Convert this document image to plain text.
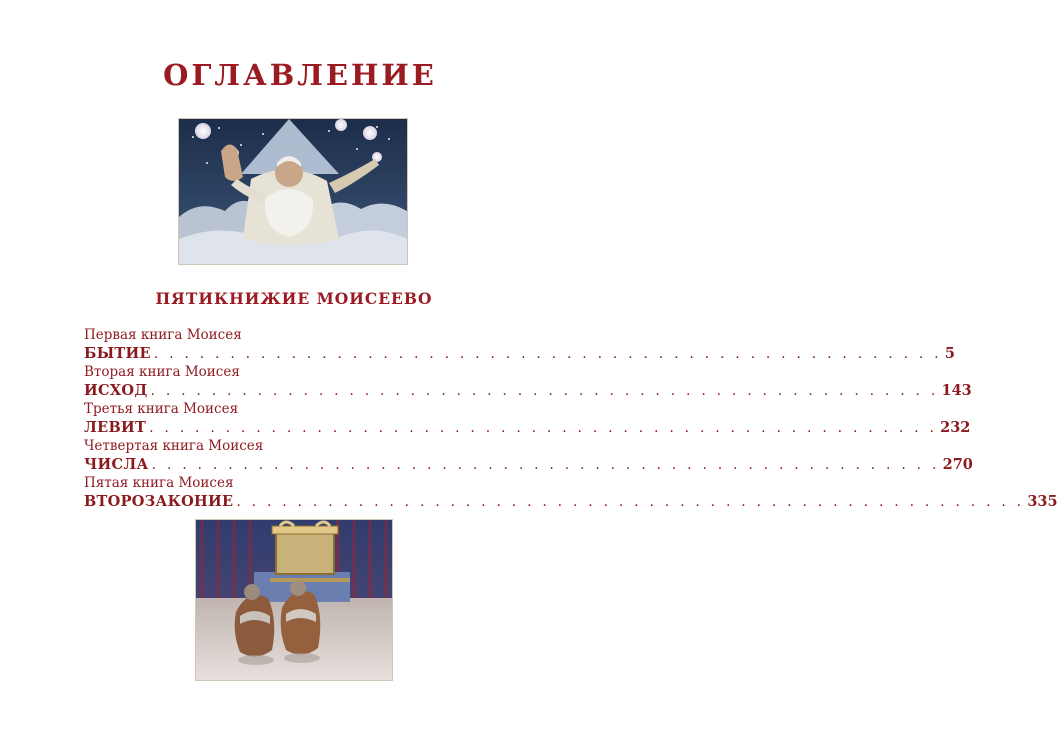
ОГЛАВЛЕНИЕ
ПЯТИКНИЖИЕ МОИСЕЕВО
Первая книга Моисея
БЫТИЕ . . . . . . . . . . . . . . . . . . . . . . . . . . . . . . . . . . . . . . . . . . . . . . . . . . . . 5
Вторая книга Моисея
ИСХОД . . . . . . . . . . . . . . . . . . . . . . . . . . . . . . . . . . . . . . . . . . . . . . . . . . . . 143
Третья книга Моисея
ЛЕВИТ . . . . . . . . . . . . . . . . . . . . . . . . . . . . . . . . . . . . . . . . . . . . . . . . . . . . 232
Четвертая книга Моисея
ЧИСЛА . . . . . . . . . . . . . . . . . . . . . . . . . . . . . . . . . . . . . . . . . . . . . . . . . . . . 270
Пятая книга Моисея
ВТОРОЗАКОНИЕ . . . . . . . . . . . . . . . . . . . . . . . . . . . . . . . . . . . . . . . . . . . . . . . . . . . . 335
